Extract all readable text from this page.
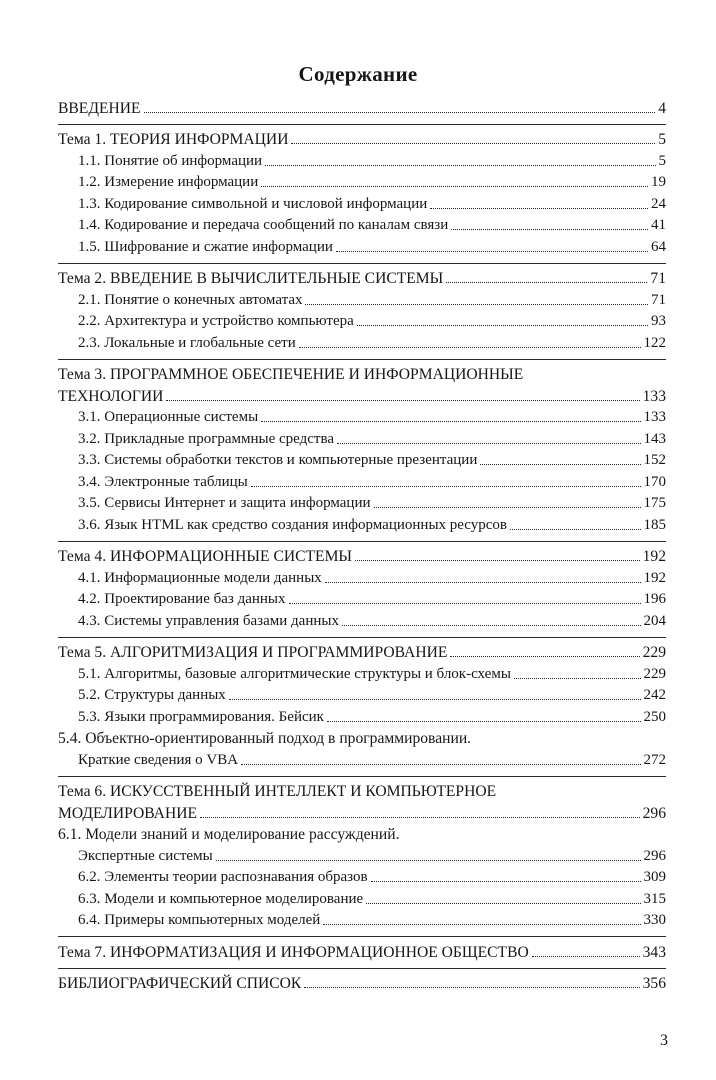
Содержание
ВВЕДЕНИЕ	4
Тема 1. ТЕОРИЯ ИНФОРМАЦИИ	5
1.1. Понятие об информации	5
1.2. Измерение информации	19
1.3. Кодирование символьной и числовой информации	24
1.4. Кодирование и передача сообщений по каналам связи	41
1.5. Шифрование и сжатие информации	64
Тема 2. ВВЕДЕНИЕ В ВЫЧИСЛИТЕЛЬНЫЕ СИСТЕМЫ	71
2.1. Понятие о конечных автоматах	71
2.2. Архитектура и устройство компьютера	93
2.3. Локальные и глобальные сети	122
Тема 3. ПРОГРАММНОЕ ОБЕСПЕЧЕНИЕ И ИНФОРМАЦИОННЫЕ
ТЕХНОЛОГИИ	133
3.1. Операционные системы	133
3.2. Прикладные программные средства	143
3.3. Системы обработки текстов и компьютерные презентации	152
3.4. Электронные таблицы	170
3.5. Сервисы Интернет и защита информации	175
3.6. Язык HTML как средство создания информационных ресурсов	185
Тема 4. ИНФОРМАЦИОННЫЕ СИСТЕМЫ	192
4.1. Информационные модели данных	192
4.2. Проектирование баз данных	196
4.3. Системы управления базами данных	204
Тема 5. АЛГОРИТМИЗАЦИЯ И ПРОГРАММИРОВАНИЕ	229
5.1. Алгоритмы, базовые алгоритмические структуры и блок-схемы	229
5.2. Структуры данных	242
5.3. Языки программирования. Бейсик	250
5.4. Объектно-ориентированный подход в программировании.
Краткие сведения о VBA	272
Тема 6. ИСКУССТВЕННЫЙ ИНТЕЛЛЕКТ И КОМПЬЮТЕРНОЕ
МОДЕЛИРОВАНИЕ	296
6.1. Модели знаний и моделирование рассуждений.
Экспертные системы	296
6.2. Элементы теории распознавания образов	309
6.3. Модели и компьютерное моделирование	315
6.4. Примеры компьютерных моделей	330
Тема 7. ИНФОРМАТИЗАЦИЯ И ИНФОРМАЦИОННОЕ ОБЩЕСТВО	343
БИБЛИОГРАФИЧЕСКИЙ СПИСОК	356
3
